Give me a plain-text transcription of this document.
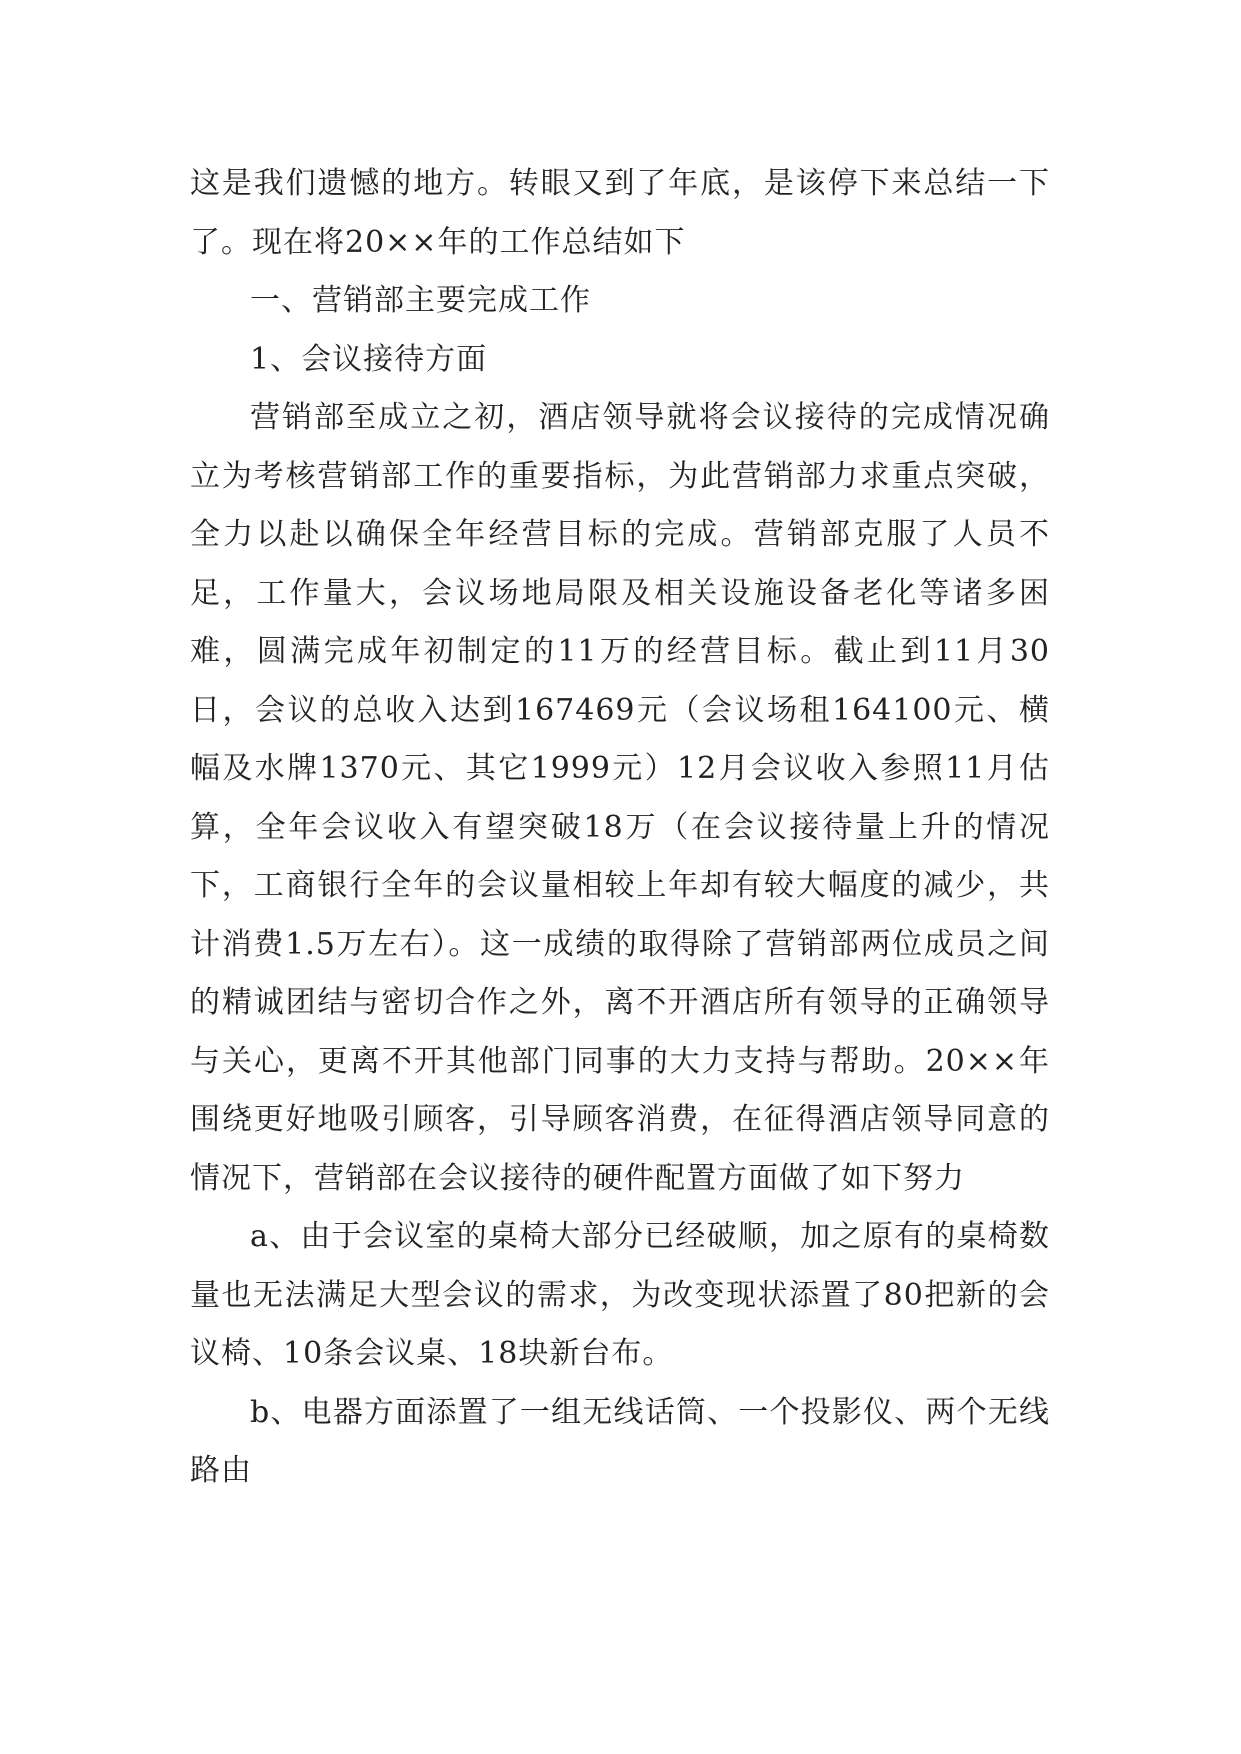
这是我们遗憾的地方。转眼又到了年底，是该停下来总结一下了。现在将20××年的工作总结如下

一、营销部主要完成工作

1、会议接待方面

营销部至成立之初，酒店领导就将会议接待的完成情况确立为考核营销部工作的重要指标，为此营销部力求重点突破，全力以赴以确保全年经营目标的完成。营销部克服了人员不足，工作量大，会议场地局限及相关设施设备老化等诸多困难，圆满完成年初制定的11万的经营目标。截止到11月30日，会议的总收入达到167469元（会议场租164100元、横幅及水牌1370元、其它1999元）12月会议收入参照11月估算，全年会议收入有望突破18万（在会议接待量上升的情况下，工商银行全年的会议量相较上年却有较大幅度的减少，共计消费1.5万左右）。这一成绩的取得除了营销部两位成员之间的精诚团结与密切合作之外，离不开酒店所有领导的正确领导与关心，更离不开其他部门同事的大力支持与帮助。20××年围绕更好地吸引顾客，引导顾客消费，在征得酒店领导同意的情况下，营销部在会议接待的硬件配置方面做了如下努力

a、由于会议室的桌椅大部分已经破顺，加之原有的桌椅数量也无法满足大型会议的需求，为改变现状添置了80把新的会议椅、10条会议桌、18块新台布。

b、电器方面添置了一组无线话筒、一个投影仪、两个无线路由
